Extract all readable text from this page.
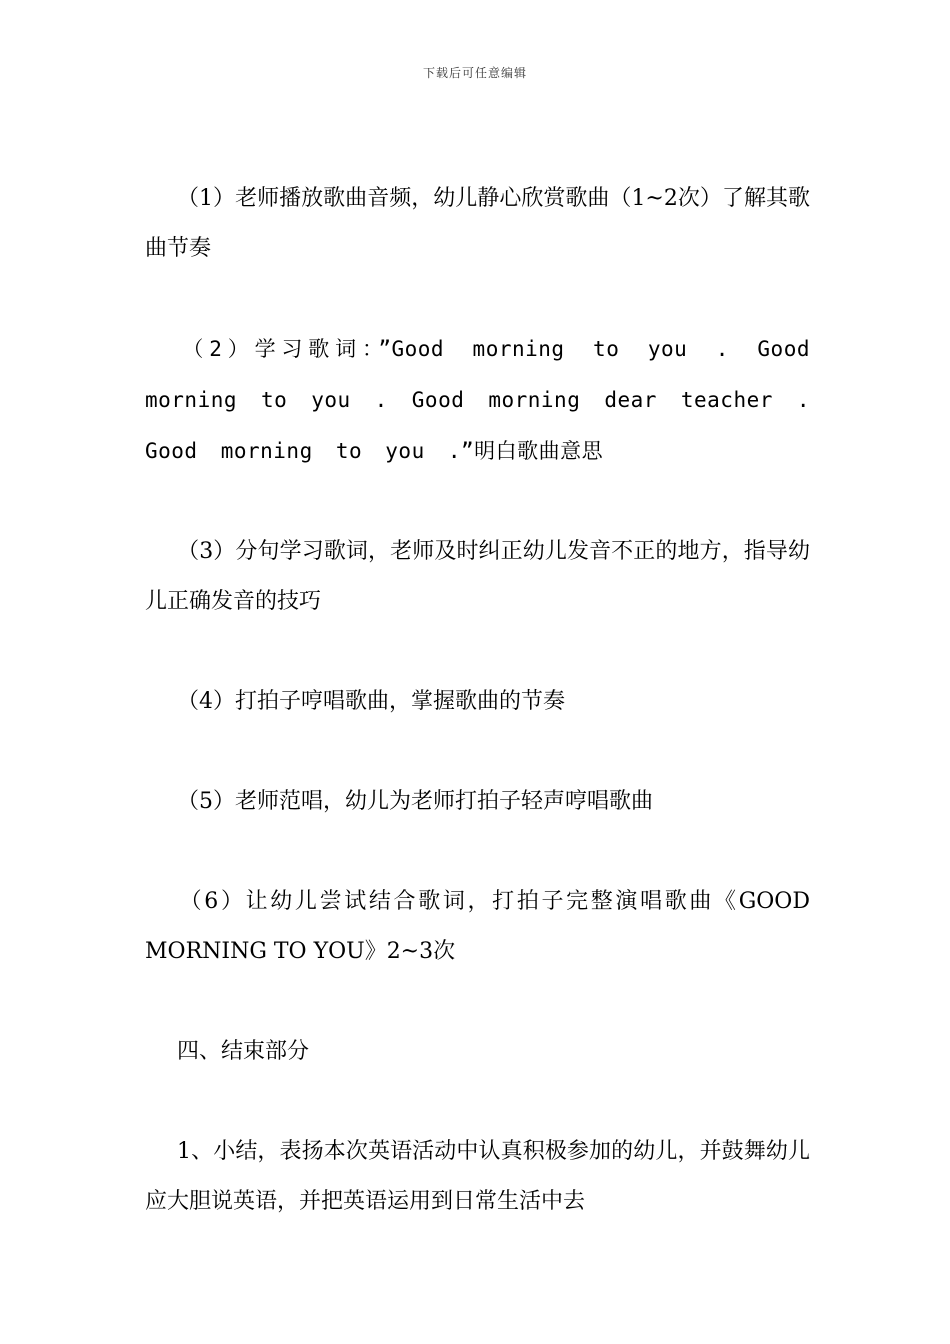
下载后可任意编辑

（1）老师播放歌曲音频，幼儿静心欣赏歌曲（1~2次）了解其歌曲节奏

（2）学习歌词：”Good morning to you . Good morning to you . Good morning dear teacher . Good morning to you .”明白歌曲意思

（3）分句学习歌词，老师及时纠正幼儿发音不正的地方，指导幼儿正确发音的技巧

（4）打拍子哼唱歌曲，掌握歌曲的节奏

（5）老师范唱，幼儿为老师打拍子轻声哼唱歌曲

（6）让幼儿尝试结合歌词，打拍子完整演唱歌曲《GOOD MORNING TO YOU》2~3次

四、结束部分

1、小结，表扬本次英语活动中认真积极参加的幼儿，并鼓舞幼儿应大胆说英语，并把英语运用到日常生活中去
